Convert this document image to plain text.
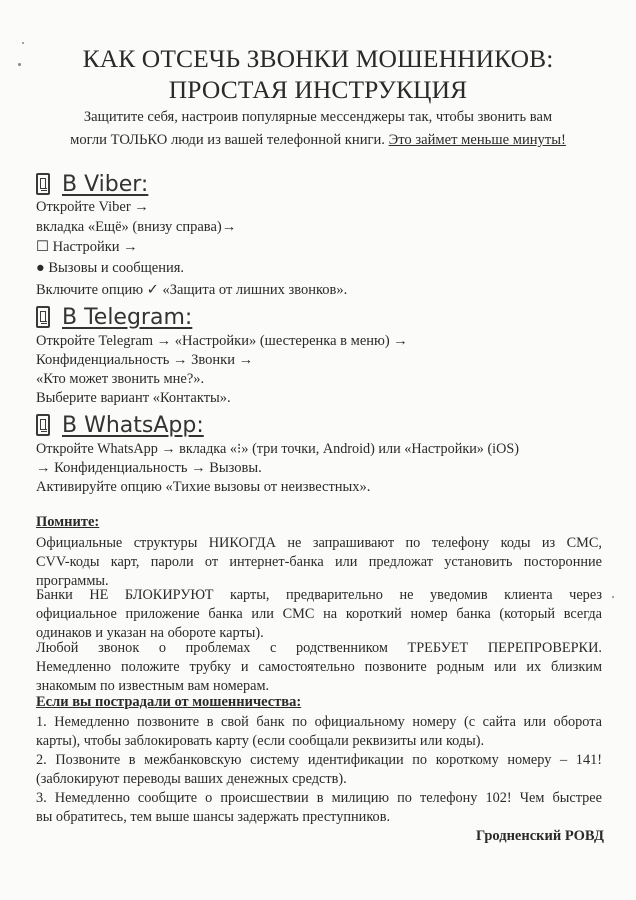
КАК ОТСЕЧЬ ЗВОНКИ МОШЕННИКОВ:
ПРОСТАЯ ИНСТРУКЦИЯ
Защитите себя, настроив популярные мессенджеры так, чтобы звонить вам
могли ТОЛЬКО люди из вашей телефонной книги. Это займет меньше минуты!
В Viber:
Откройте Viber →
вкладка «Ещё» (внизу справа)→
☐ Настройки →
● Вызовы и сообщения.
Включите опцию ✓ «Защита от лишних звонков».
В Telegram:
Откройте Telegram → «Настройки» (шестеренка в меню) →
Конфиденциальность → Звонки →
«Кто может звонить мне?».
Выберите вариант «Контакты».
В WhatsApp:
Откройте WhatsApp → вкладка «⁝» (три точки, Android) или «Настройки» (iOS)
→ Конфиденциальность → Вызовы.
Активируйте опцию «Тихие вызовы от неизвестных».
Помните:
Официальные структуры НИКОГДА не запрашивают по телефону коды из СМС,
CVV-коды карт, пароли от интернет-банка или предложат установить посторонние
программы.
Банки НЕ БЛОКИРУЮТ карты, предварительно не уведомив клиента через
официальное приложение банка или СМС на короткий номер банка (который всегда
одинаков и указан на обороте карты).
Любой звонок о проблемах с родственником ТРЕБУЕТ ПЕРЕПРОВЕРКИ.
Немедленно положите трубку и самостоятельно позвоните родным или их близким
знакомым по известным вам номерам.
Если вы пострадали от мошенничества:
1. Немедленно позвоните в свой банк по официальному номеру (с сайта или оборота
карты), чтобы заблокировать карту (если сообщали реквизиты или коды).
2. Позвоните в межбанковскую систему идентификации по короткому номеру – 141!
(заблокируют переводы ваших денежных средств).
3. Немедленно сообщите о происшествии в милицию по телефону 102! Чем быстрее
вы обратитесь, тем выше шансы задержать преступников.
Гродненский РОВД
